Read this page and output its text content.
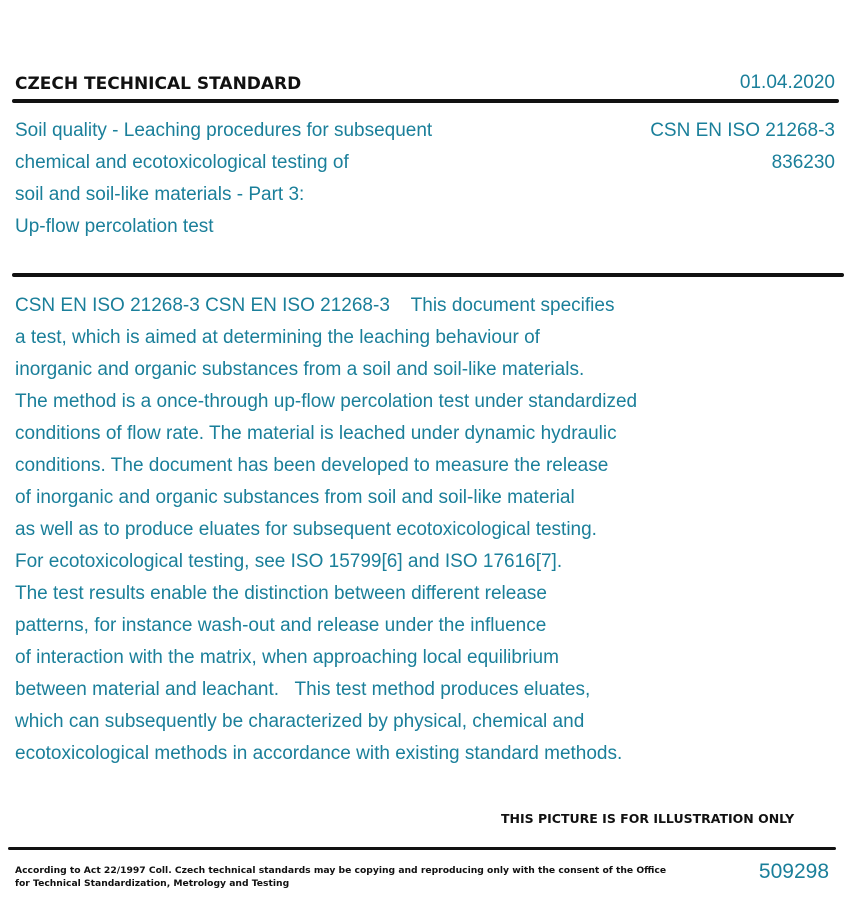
CZECH TECHNICAL STANDARD	01.04.2020
Soil quality - Leaching procedures for subsequent
chemical and ecotoxicological testing of
soil and soil-like materials - Part 3:
Up-flow percolation test
CSN EN ISO 21268-3
836230
CSN EN ISO 21268-3 CSN EN ISO 21268-3    This document specifies
a test, which is aimed at determining the leaching behaviour of
inorganic and organic substances from a soil and soil-like materials.
The method is a once-through up-flow percolation test under standardized
conditions of flow rate. The material is leached under dynamic hydraulic
conditions. The document has been developed to measure the release
of inorganic and organic substances from soil and soil-like material
as well as to produce eluates for subsequent ecotoxicological testing.
For ecotoxicological testing, see ISO 15799[6] and ISO 17616[7].
The test results enable the distinction between different release
patterns, for instance wash-out and release under the influence
of interaction with the matrix, when approaching local equilibrium
between material and leachant.   This test method produces eluates,
which can subsequently be characterized by physical, chemical and
ecotoxicological methods in accordance with existing standard methods.
THIS PICTURE IS FOR ILLUSTRATION ONLY
According to Act 22/1997 Coll. Czech technical standards may be copying and reproducing only with the consent of the Office
for Technical Standardization, Metrology and Testing
509298
